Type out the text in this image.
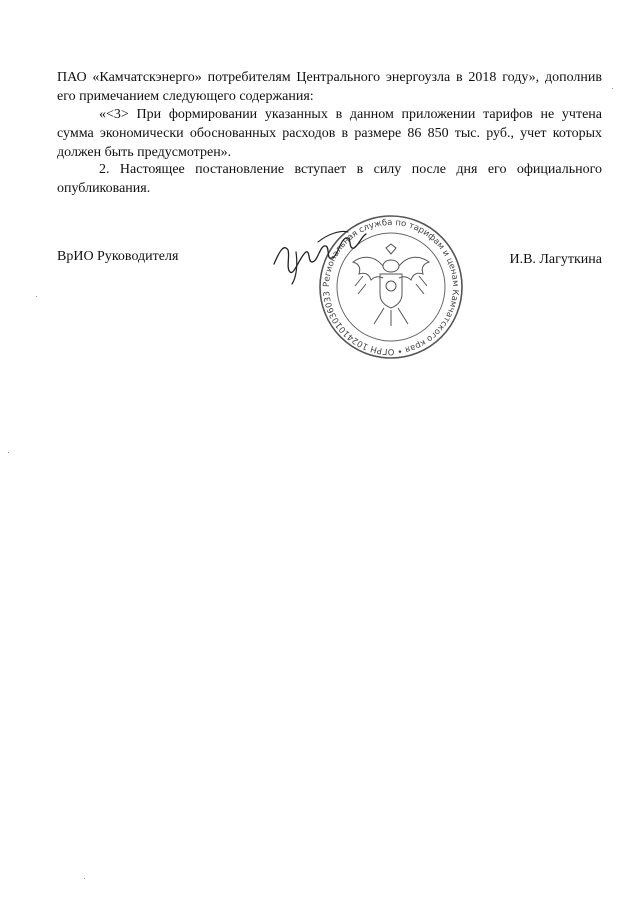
ПАО «Камчатскэнерго» потребителям Центрального энергоузла в 2018 году», дополнив его примечанием следующего содержания:

«<3> При формировании указанных в данном приложении тарифов не учтена сумма экономически обоснованных расходов в размере 86 850 тыс. руб., учет которых должен быть предусмотрен».

2. Настоящее постановление вступает в силу после дня его официального опубликования.

ВрИО Руководителя

Региональная служба по тарифам и ценам Камчатского края • ОГРН 1024101036033

И.В. Лагуткина
